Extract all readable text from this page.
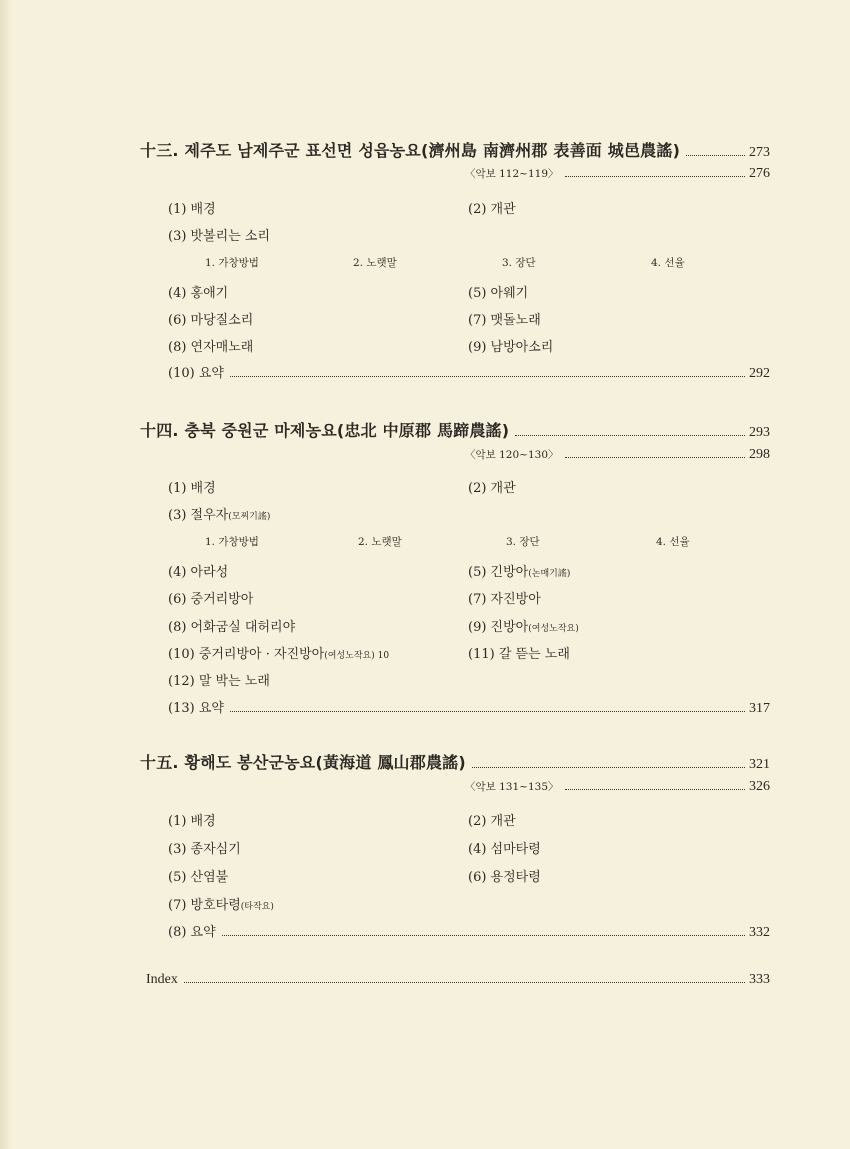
十三. 제주도 남제주군 표선면 성읍농요(濟州島 南濟州郡 表善面 城邑農謠)	273
〈악보 112~119〉	276
(1) 배경	(2) 개관
(3) 밧볼리는 소리
1. 가창방법	2. 노랫말	3. 장단	4. 선율
(4) 홍애기	(5) 아웨기
(6) 마당질소리	(7) 맷돌노래
(8) 연자매노래	(9) 남방아소리
(10) 요약	292
十四. 충북 중원군 마제농요(忠北 中原郡 馬蹄農謠)	293
〈악보 120~130〉	298
(1) 배경	(2) 개관
(3) 절우자(모찌기謠)
1. 가창방법	2. 노랫말	3. 장단	4. 선율
(4) 아라성	(5) 긴방아(논매기謠)
(6) 중거리방아	(7) 자진방아
(8) 어화굼실 대허리야	(9) 진방아(여성노작요)
(10) 중거리방아 · 자진방아(여성노작요) 10	(11) 갈 뜯는 노래
(12) 말 박는 노래
(13) 요약	317
十五. 황해도 봉산군농요(黃海道 鳳山郡農謠)	321
〈악보 131~135〉	326
(1) 배경	(2) 개관
(3) 종자심기	(4) 섬마타령
(5) 산염불	(6) 용정타령
(7) 방호타령(타작요)
(8) 요약	332
Index	333
